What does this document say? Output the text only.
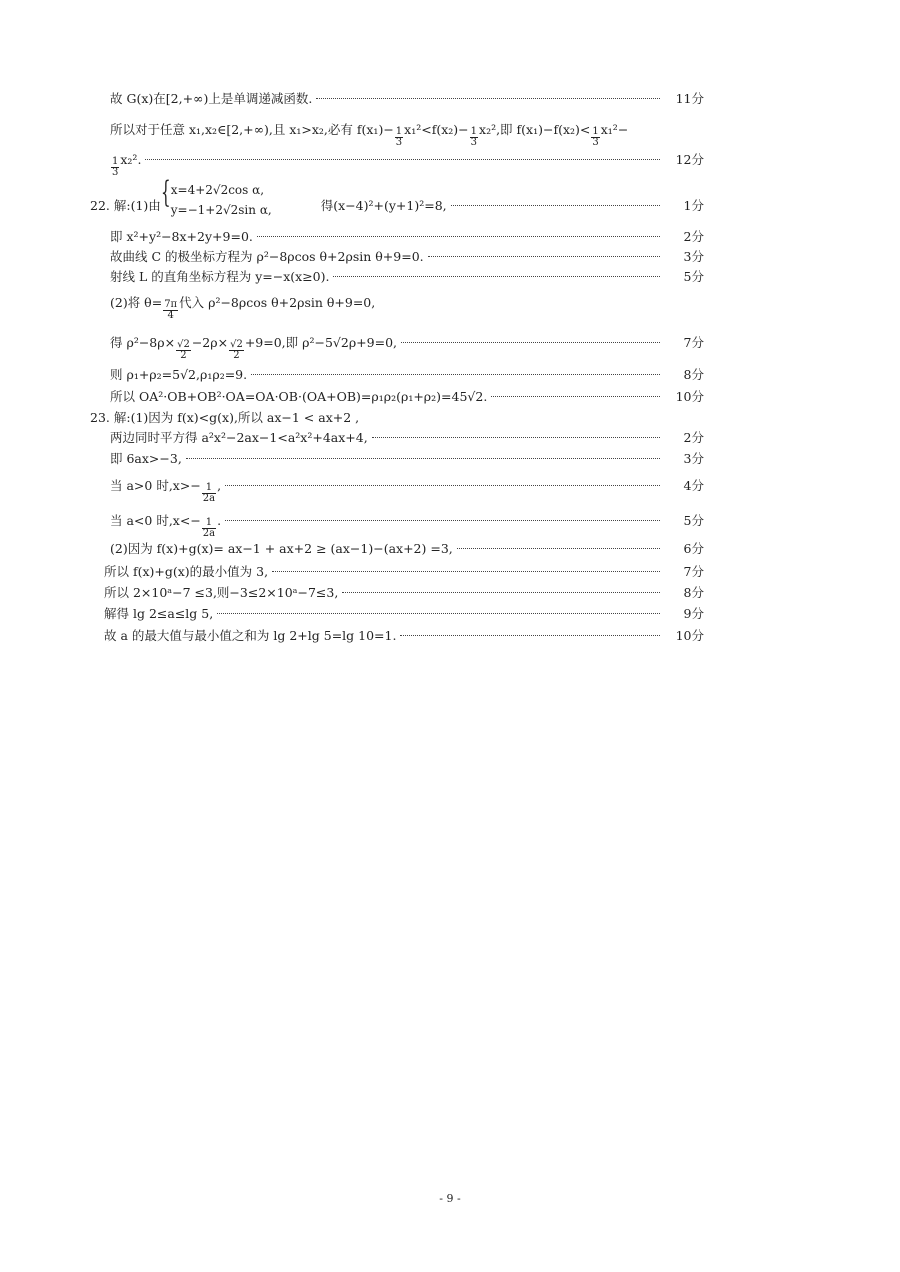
故 G(x)在[2,+∞)上是单调递减函数.	11分
所以对于任意 x₁,x₂∈[2,+∞),且 x₁>x₂,必有 $f(x_1)- \frac{1}{3} x_1^2<f(x_2)- \frac{1}{3} x_2^2$,即 $f(x_1)-f(x_2)< \frac{1}{3} x_1^2-$
$\frac{1}{3} x_2^2$.	12分
22. 解:(1)由 { x=4+2√2cos α,
y=−1+2√2sin α,	得(x−4)²+(y+1)²=8,	1分
即 x²+y²−8x+2y+9=0.	2分
故曲线 C 的极坐标方程为 ρ²−8ρcos θ+2ρsin θ+9=0.	3分
射线 L 的直角坐标方程为 y=−x(x≥0).	5分
(2)将 $\theta= \frac{7\pi}{4}$ 代入 ρ²−8ρcos θ+2ρsin θ+9=0,
得 $\rho^2-8\rho\times \frac{√2}{2} -2\rho\times \frac{√2}{2} +9=0$,即 ρ²−5√2ρ+9=0,	7分
则 ρ₁+ρ₂=5√2,ρ₁ρ₂=9.	8分
所以 OA²·OB+OB²·OA=OA·OB·(OA+OB)=ρ₁ρ₂(ρ₁+ρ₂)=45√2.	10分
23. 解:(1)因为 f(x)<g(x),所以 ax−1 < ax+2 ,
两边同时平方得 a²x²−2ax−1<a²x²+4ax+4,	2分
即 6ax>−3,	3分
当 a>0 时$,x>- \frac{1}{2a}$ ,	4分
当 a<0 时$,x<- \frac{1}{2a}$ .	5分
(2)因为 f(x)+g(x)= ax−1 + ax+2 ≥ (ax−1)−(ax+2) =3,	6分
所以 f(x)+g(x)的最小值为 3,	7分
所以 2×10ᵃ−7 ≤3,则−3≤2×10ᵃ−7≤3,	8分
解得 lg 2≤a≤lg 5,	9分
故 a 的最大值与最小值之和为 lg 2+lg 5=lg 10=1.	10分
- 9 -
